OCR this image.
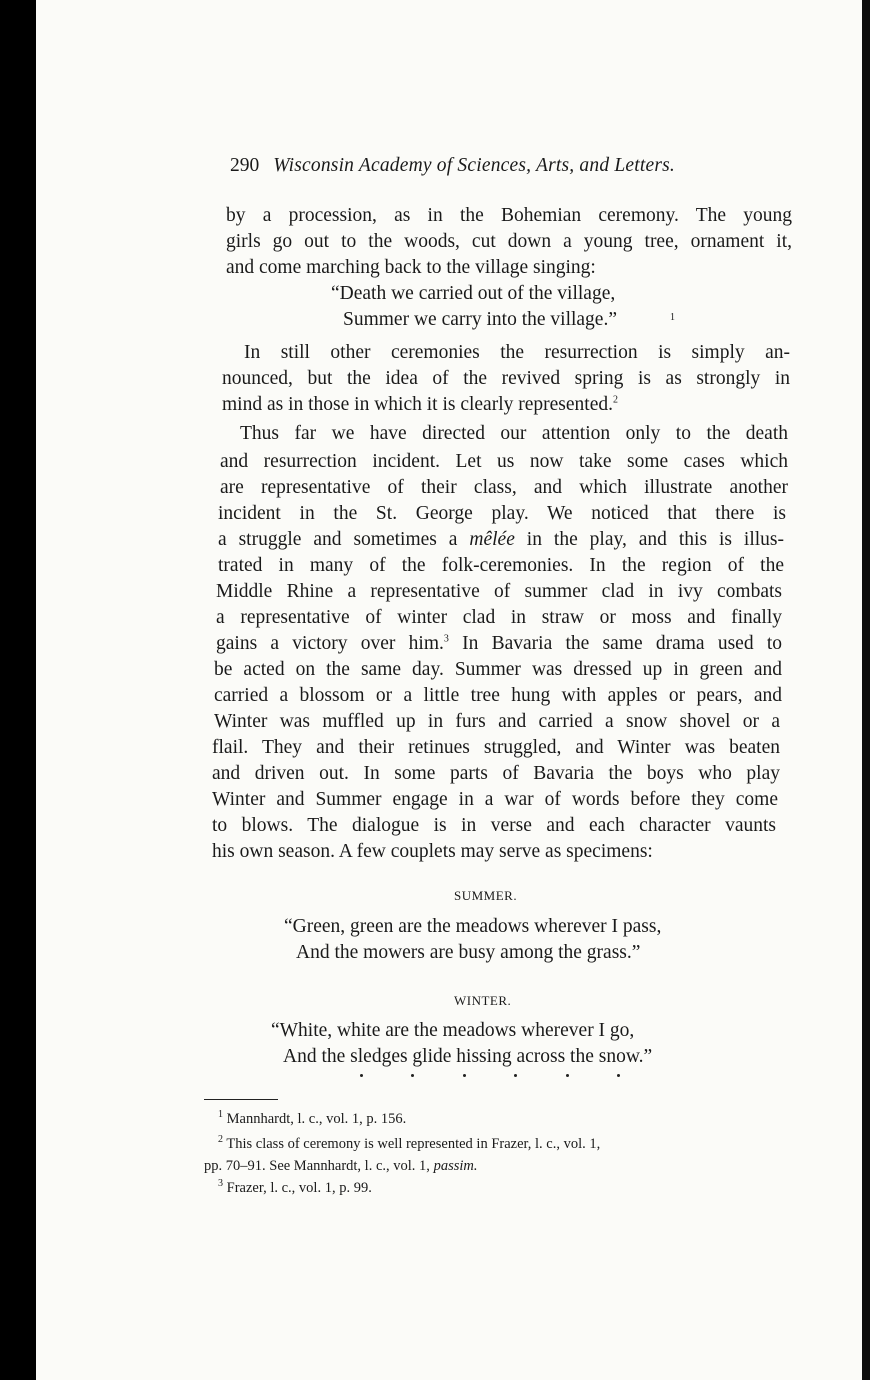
290 Wisconsin Academy of Sciences, Arts, and Letters.
by a procession, as in the Bohemian ceremony. The young
girls go out to the woods, cut down a young tree, ornament it,
and come marching back to the village singing:
“Death we carried out of the village,
Summer we carry into the village.”
In still other ceremonies the resurrection is simply an-
nounced, but the idea of the revived spring is as strongly in
mind as in those in which it is clearly represented.$^2$
Thus far we have directed our attention only to the death
and resurrection incident. Let us now take some cases which
are representative of their class, and which illustrate another
incident in the St. George play. We noticed that there is
a struggle and sometimes a mêlée in the play, and this is illus-
trated in many of the folk-ceremonies. In the region of the
Middle Rhine a representative of summer clad in ivy combats
a representative of winter clad in straw or moss and finally
gains a victory over him.$^3$ In Bavaria the same drama used to
be acted on the same day. Summer was dressed up in green and
carried a blossom or a little tree hung with apples or pears, and
Winter was muffled up in furs and carried a snow shovel or a
flail. They and their retinues struggled, and Winter was beaten
and driven out. In some parts of Bavaria the boys who play
Winter and Summer engage in a war of words before they come
to blows. The dialogue is in verse and each character vaunts
his own season. A few couplets may serve as specimens:
SUMMER.
“Green, green are the meadows wherever I pass,
And the mowers are busy among the grass.”
WINTER.
“White, white are the meadows wherever I go,
And the sledges glide hissing across the snow.”
$^1$ Mannhardt, l. c., vol. 1, p. 156.
$^2$ This class of ceremony is well represented in Frazer, l. c., vol. 1,
pp. 70–91. See Mannhardt, l. c., vol. 1, passim.
$^3$ Frazer, l. c., vol. 1, p. 99.
